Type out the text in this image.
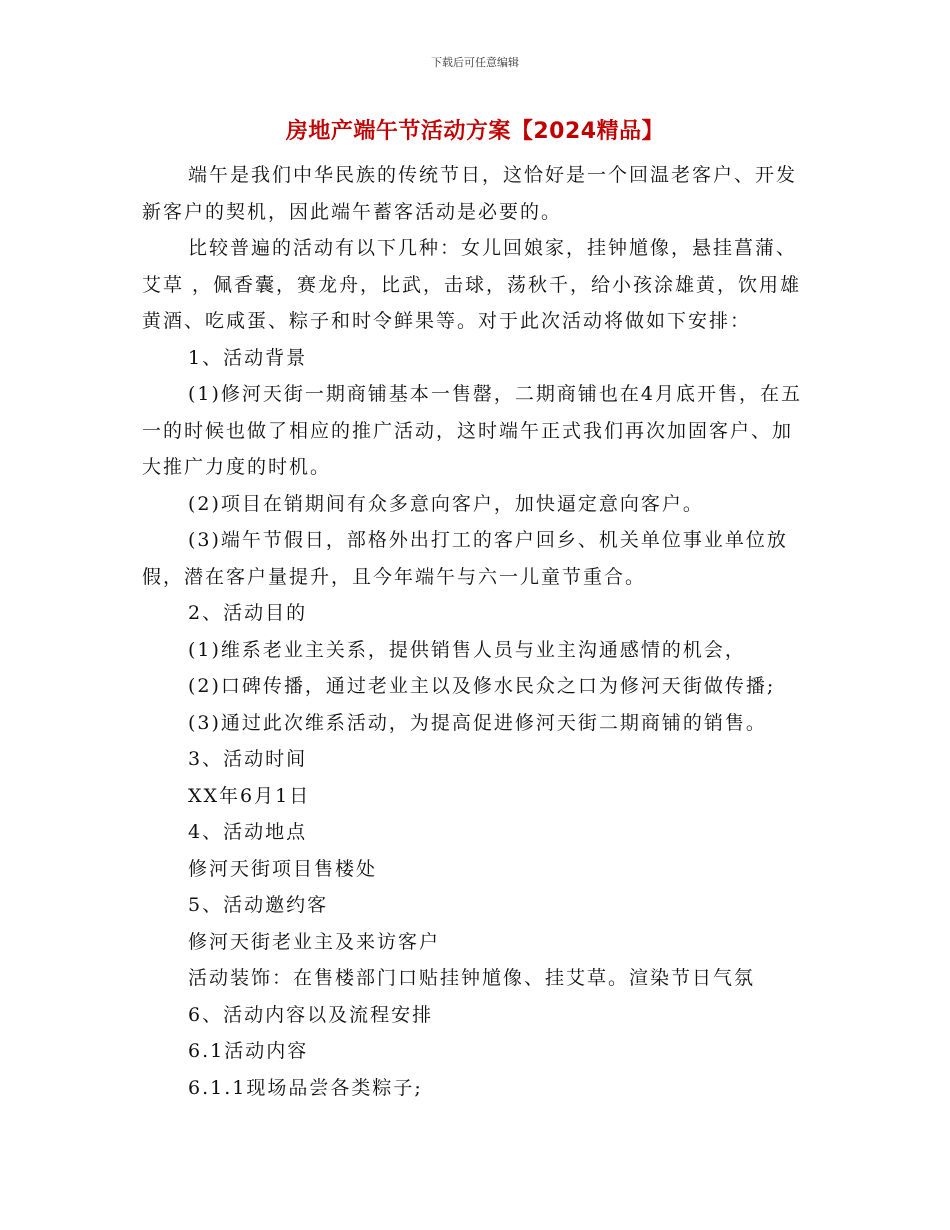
下载后可任意编辑
房地产端午节活动方案【2024精品】

端午是我们中华民族的传统节日，这恰好是一个回温老客户、开发新客户的契机，因此端午蓄客活动是必要的。

比较普遍的活动有以下几种：女儿回娘家，挂钟馗像，悬挂菖蒲、艾草 ，佩香囊，赛龙舟，比武，击球，荡秋千，给小孩涂雄黄，饮用雄黄酒、吃咸蛋、粽子和时令鲜果等。对于此次活动将做如下安排：

1、活动背景

(1)修河天街一期商铺基本一售罄，二期商铺也在4月底开售，在五一的时候也做了相应的推广活动，这时端午正式我们再次加固客户、加大推广力度的时机。

(2)项目在销期间有众多意向客户，加快逼定意向客户。

(3)端午节假日，部格外出打工的客户回乡、机关单位事业单位放假，潜在客户量提升，且今年端午与六一儿童节重合。

2、活动目的

(1)维系老业主关系，提供销售人员与业主沟通感情的机会，

(2)口碑传播，通过老业主以及修水民众之口为修河天街做传播;

(3)通过此次维系活动，为提高促进修河天街二期商铺的销售。

3、活动时间

XX年6月1日

4、活动地点

修河天街项目售楼处

5、活动邀约客

修河天街老业主及来访客户

活动装饰：在售楼部门口贴挂钟馗像、挂艾草。渲染节日气氛

6、活动内容以及流程安排

6.1活动内容

6.1.1现场品尝各类粽子;
